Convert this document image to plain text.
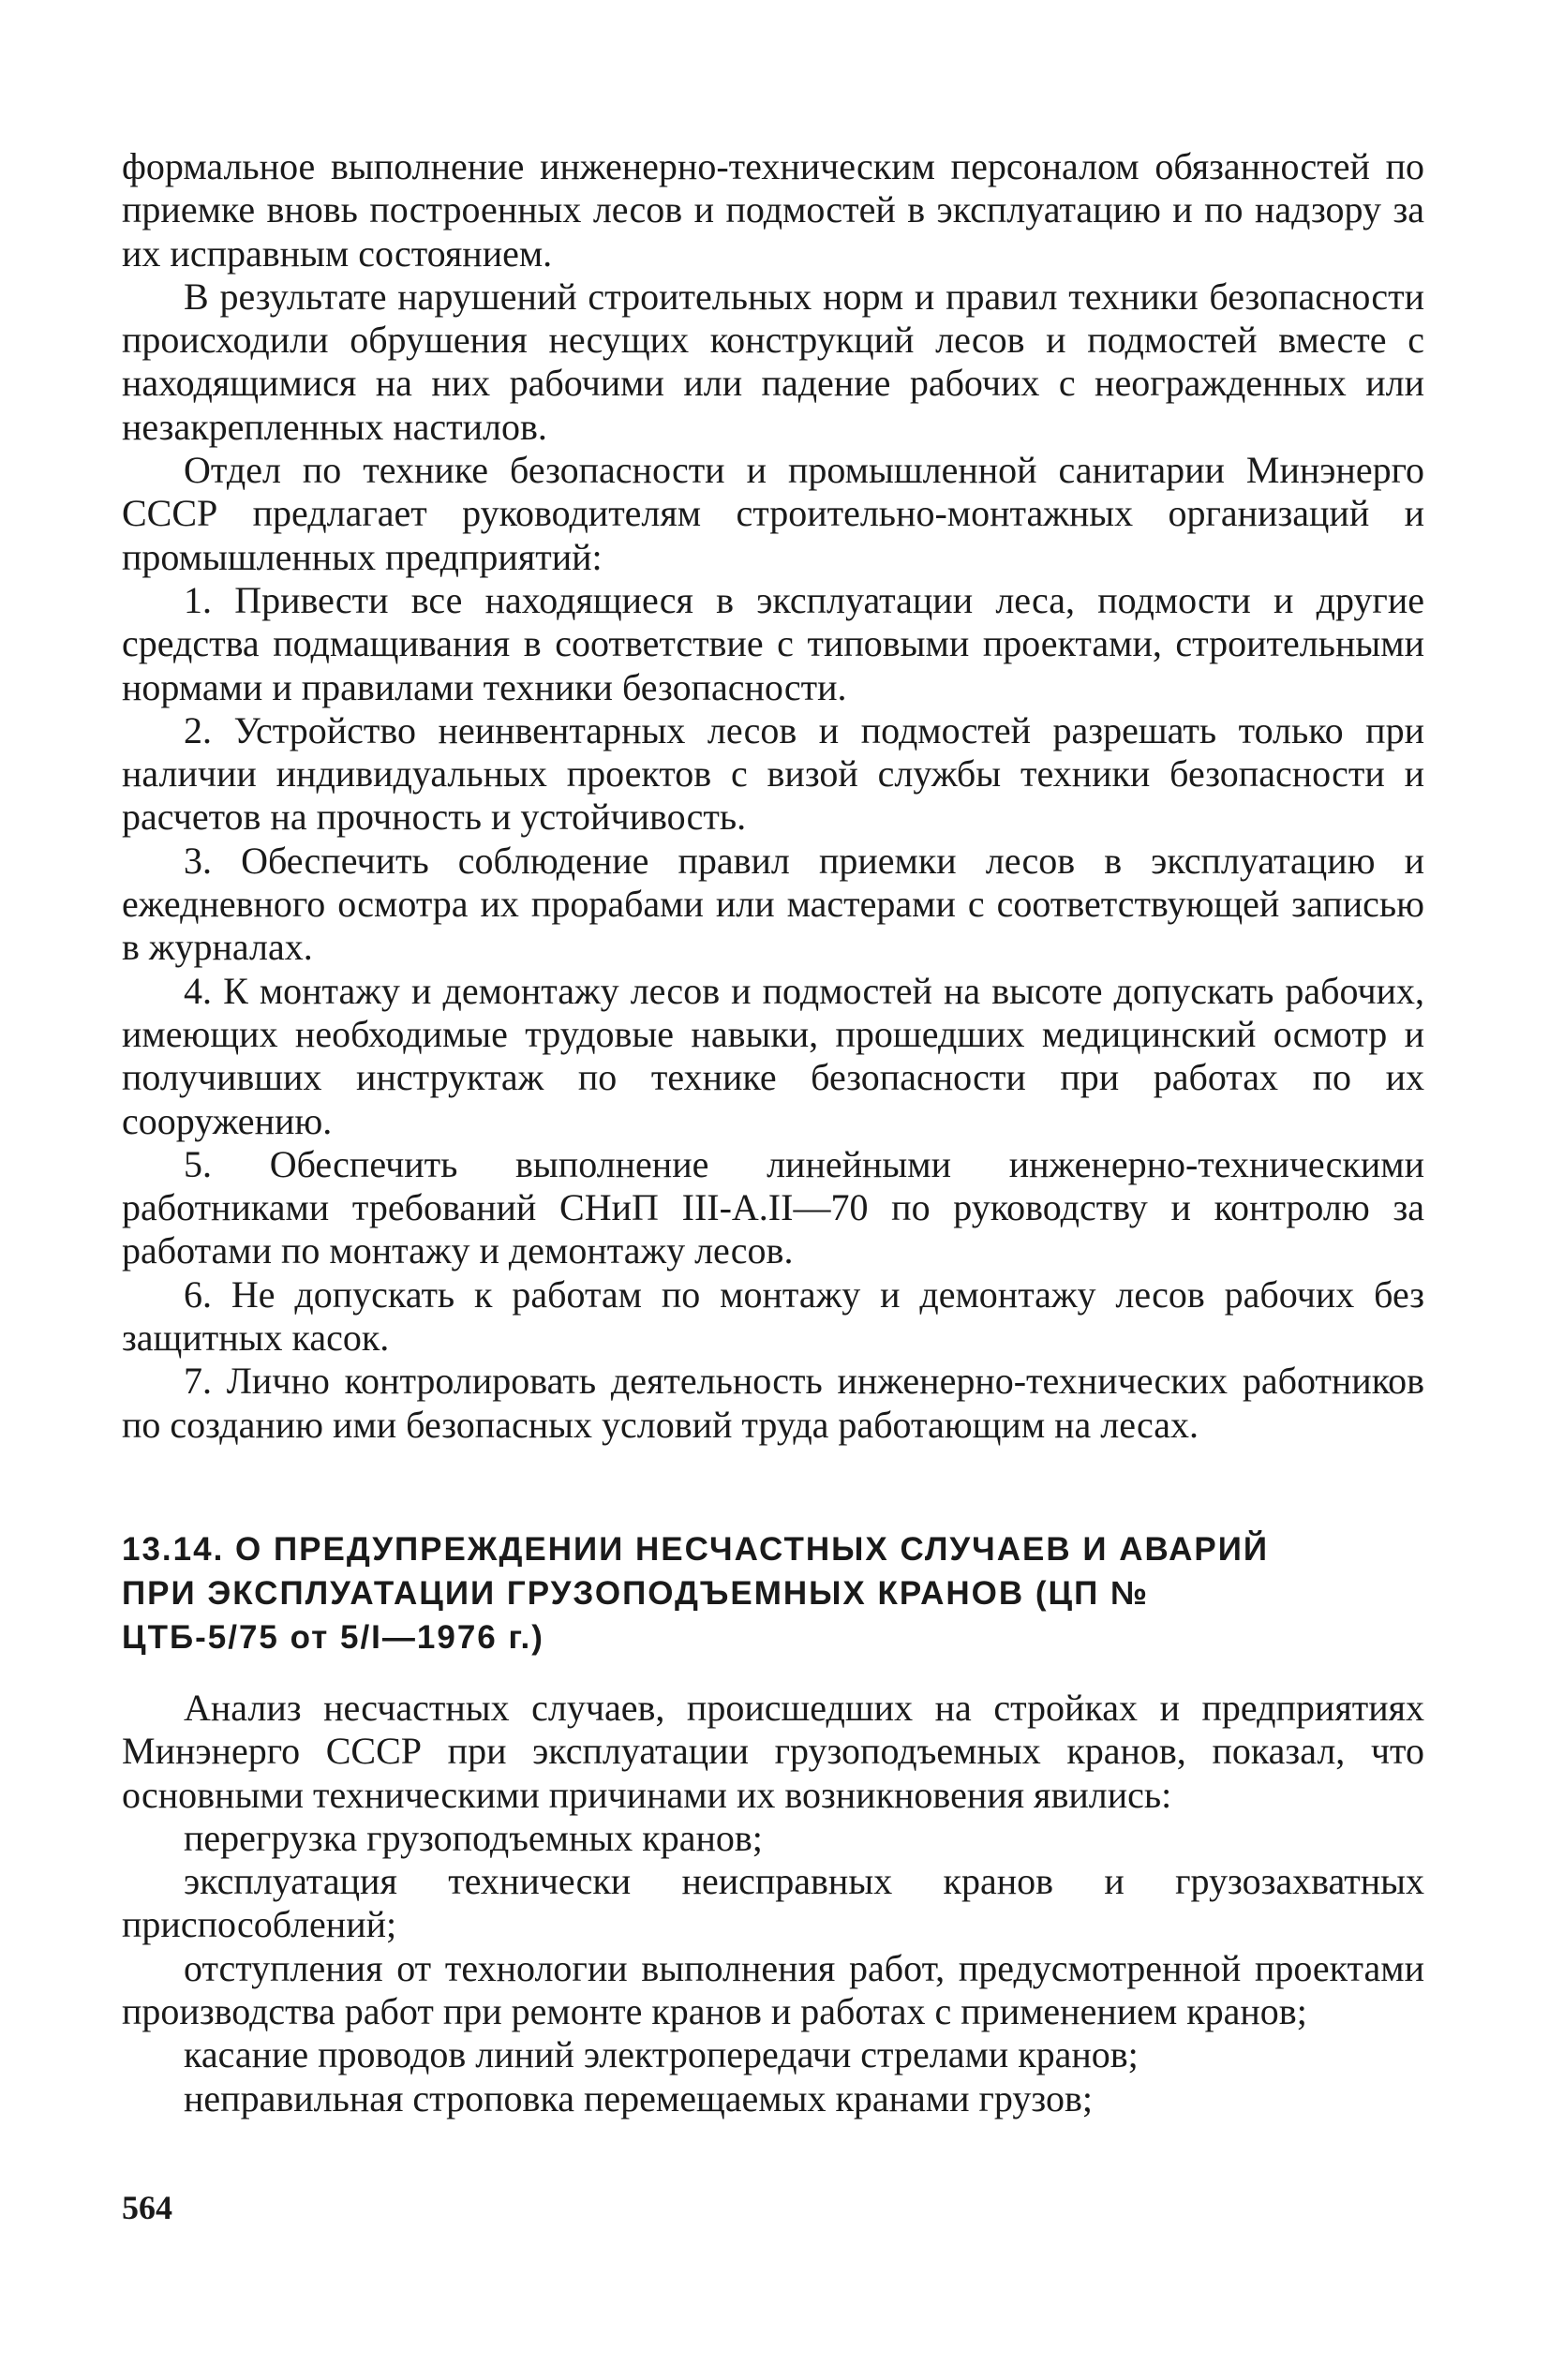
формальное выполнение инженерно-техническим персоналом обязанностей по приемке вновь построенных лесов и подмостей в эксплуатацию и по надзору за их исправным состоянием.

В результате нарушений строительных норм и правил техники безопасности происходили обрушения несущих конструкций лесов и подмостей вместе с находящимися на них рабочими или падение рабочих с неогражденных или незакрепленных настилов.

Отдел по технике безопасности и промышленной санитарии Минэнерго СССР предлагает руководителям строительно-монтажных организаций и промышленных предприятий:

1. Привести все находящиеся в эксплуатации леса, подмости и другие средства подмащивания в соответствие с типовыми проектами, строительными нормами и правилами техники безопасности.

2. Устройство неинвентарных лесов и подмостей разрешать только при наличии индивидуальных проектов с визой службы техники безопасности и расчетов на прочность и устойчивость.

3. Обеспечить соблюдение правил приемки лесов в эксплуатацию и ежедневного осмотра их прорабами или мастерами с соответствующей записью в журналах.

4. К монтажу и демонтажу лесов и подмостей на высоте допускать рабочих, имеющих необходимые трудовые навыки, прошедших медицинский осмотр и получивших инструктаж по технике безопасности при работах по их сооружению.

5. Обеспечить выполнение линейными инженерно-техническими работниками требований СНиП III-А.II—70 по руководству и контролю за работами по монтажу и демонтажу лесов.

6. Не допускать к работам по монтажу и демонтажу лесов рабочих без защитных касок.

7. Лично контролировать деятельность инженерно-технических работников по созданию ими безопасных условий труда работающим на лесах.

13.14. О ПРЕДУПРЕЖДЕНИИ НЕСЧАСТНЫХ СЛУЧАЕВ И АВАРИЙ ПРИ ЭКСПЛУАТАЦИИ ГРУЗОПОДЪЕМНЫХ КРАНОВ (ЦП № ЦТБ-5/75 от 5/I—1976 г.)

Анализ несчастных случаев, происшедших на стройках и предприятиях Минэнерго СССР при эксплуатации грузоподъемных кранов, показал, что основными техническими причинами их возникновения явились:

перегрузка грузоподъемных кранов;

эксплуатация технически неисправных кранов и грузозахватных приспособлений;

отступления от технологии выполнения работ, предусмотренной проектами производства работ при ремонте кранов и работах с применением кранов;

касание проводов линий электропередачи стрелами кранов;

неправильная строповка перемещаемых кранами грузов;

564
